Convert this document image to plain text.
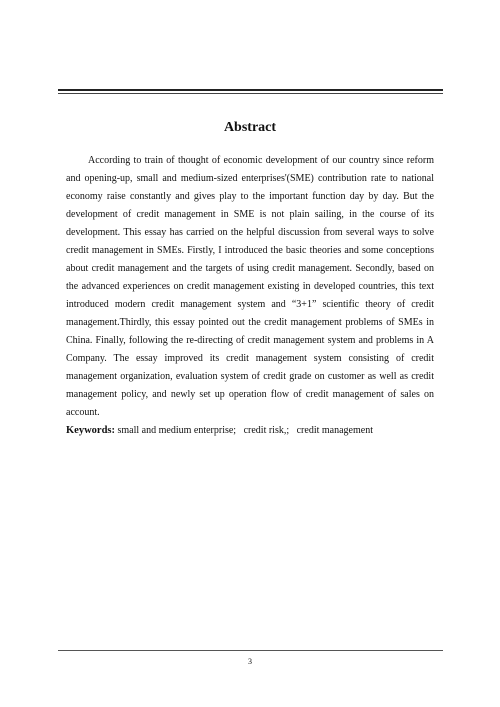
Abstract

According to train of thought of economic development of our country since reform and opening-up, small and medium-sized enterprises'(SME) contribution rate to national economy raise constantly and gives play to the important function day by day. But the development of credit management in SME is not plain sailing, in the course of its development. This essay has carried on the helpful discussion from several ways to solve credit management in SMEs. Firstly, I introduced the basic theories and some conceptions about credit management and the targets of using credit management. Secondly, based on the advanced experiences on credit management existing in developed countries, this text introduced modern credit management system and “3+1” scientific theory of credit management.Thirdly, this essay pointed out the credit management problems of SMEs in China. Finally, following the re-directing of credit management system and problems in A Company. The essay improved its credit management system consisting of credit management organization, evaluation system of credit grade on customer as well as credit management policy, and newly set up operation flow of credit management of sales on account.

Keywords: small and medium enterprise;   credit risk,;   credit management
3
